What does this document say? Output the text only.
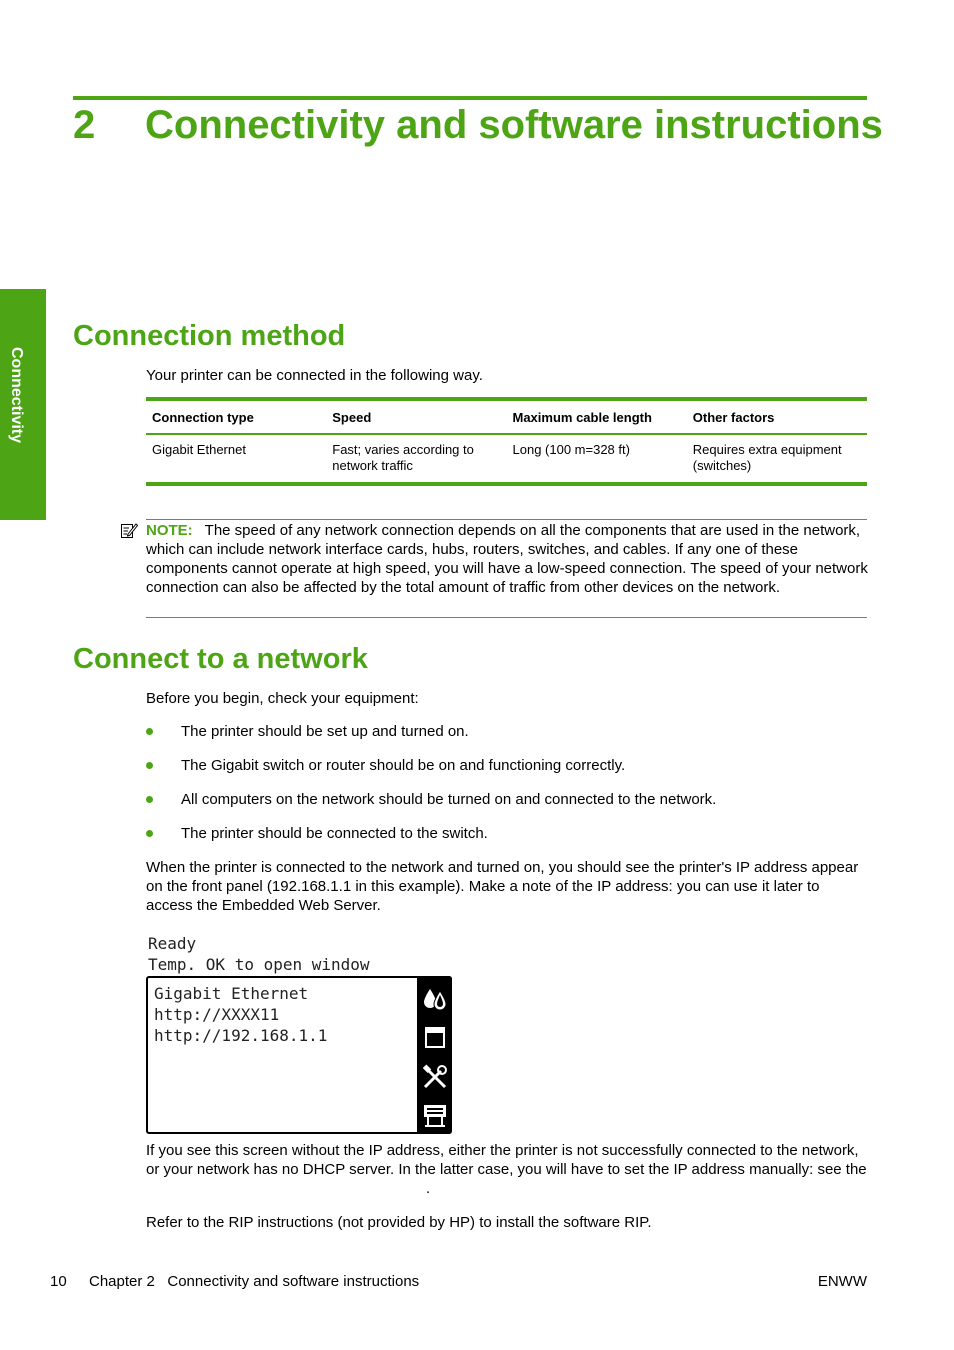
2 Connectivity and software instructions
Connectivity
Connection method
Your printer can be connected in the following way.
Connection type	Speed	Maximum cable length	Other factors
Gigabit Ethernet	Fast; varies according to network traffic	Long (100 m=328 ft)	Requires extra equipment (switches)
NOTE: The speed of any network connection depends on all the components that are used in the network, which can include network interface cards, hubs, routers, switches, and cables. If any one of these components cannot operate at high speed, you will have a low-speed connection. The speed of your network connection can also be affected by the total amount of traffic from other devices on the network.
Connect to a network
Before you begin, check your equipment:
The printer should be set up and turned on.
The Gigabit switch or router should be on and functioning correctly.
All computers on the network should be turned on and connected to the network.
The printer should be connected to the switch.
When the printer is connected to the network and turned on, you should see the printer's IP address appear on the front panel (192.168.1.1 in this example). Make a note of the IP address: you can use it later to access the Embedded Web Server.
Ready
Temp. OK to open window
Gigabit Ethernet
http://XXXX11
http://192.168.1.1
If you see this screen without the IP address, either the printer is not successfully connected to the network, or your network has no DHCP server. In the latter case, you will have to set the IP address manually: see the.
Refer to the RIP instructions (not provided by HP) to install the software RIP.
10 Chapter 2   Connectivity and software instructions	ENWW
